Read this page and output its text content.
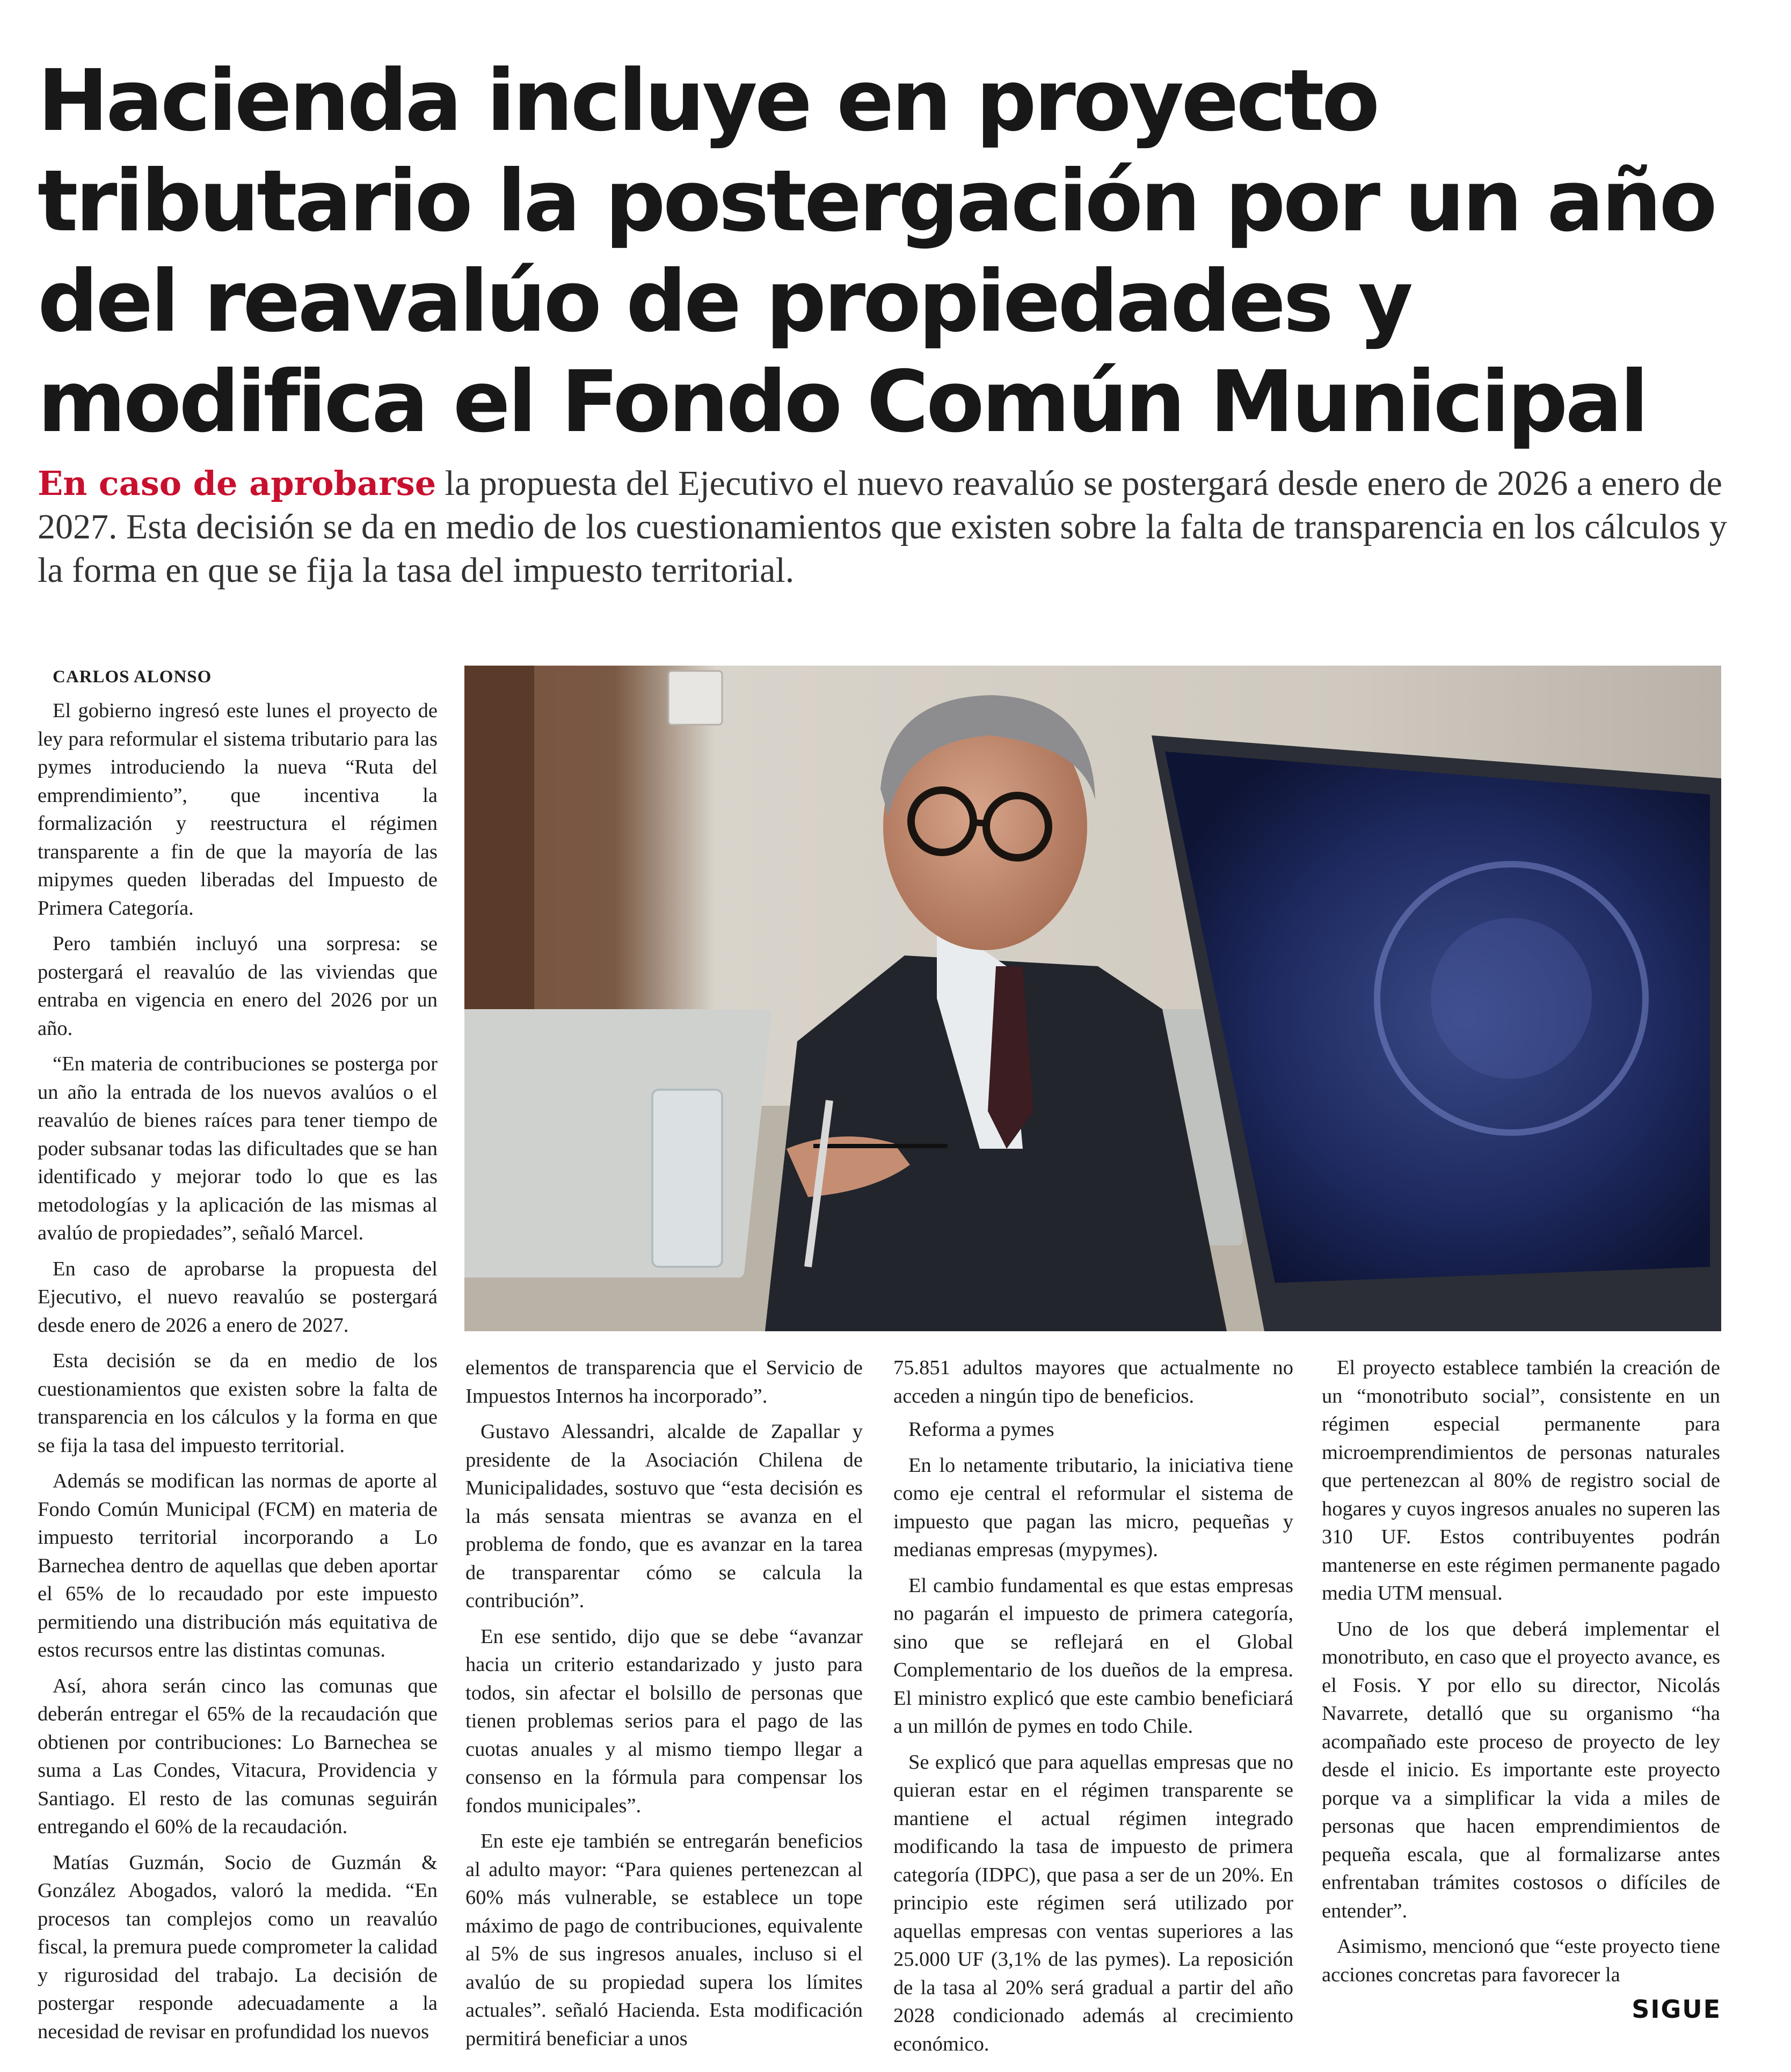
Hacienda incluye en proyecto tributario la postergación por un año del reavalúo de propiedades y modifica el Fondo Común Municipal

En caso de aprobarse la propuesta del Ejecutivo el nuevo reavalúo se postergará desde enero de 2026 a enero de 2027. Esta decisión se da en medio de los cuestionamientos que existen sobre la falta de transparencia en los cálculos y la forma en que se fija la tasa del impuesto territorial.

CARLOS ALONSO

El gobierno ingresó este lunes el proyecto de ley para reformular el sistema tributario para las pymes introduciendo la nueva “Ruta del emprendimiento”, que incentiva la formalización y reestructura el régimen transparente a fin de que la mayoría de las mipymes queden liberadas del Impuesto de Primera Categoría.

Pero también incluyó una sorpresa: se postergará el reavalúo de las viviendas que entraba en vigencia en enero del 2026 por un año.

“En materia de contribuciones se posterga por un año la entrada de los nuevos avalúos o el reavalúo de bienes raíces para tener tiempo de poder subsanar todas las dificultades que se han identificado y mejorar todo lo que es las metodologías y la aplicación de las mismas al avalúo de propiedades”, señaló Marcel.

En caso de aprobarse la propuesta del Ejecutivo, el nuevo reavalúo se postergará desde enero de 2026 a enero de 2027.

Esta decisión se da en medio de los cuestionamientos que existen sobre la falta de transparencia en los cálculos y la forma en que se fija la tasa del impuesto territorial.

Además se modifican las normas de aporte al Fondo Común Municipal (FCM) en materia de impuesto territorial incorporando a Lo Barnechea dentro de aquellas que deben aportar el 65% de lo recaudado por este impuesto permitiendo una distribución más equitativa de estos recursos entre las distintas comunas.

Así, ahora serán cinco las comunas que deberán entregar el 65% de la recaudación que obtienen por contribuciones: Lo Barnechea se suma a Las Condes, Vitacura, Providencia y Santiago. El resto de las comunas seguirán entregando el 60% de la recaudación.

Matías Guzmán, Socio de Guzmán & González Abogados, valoró la medida. “En procesos tan complejos como un reavalúo fiscal, la premura puede comprometer la calidad y rigurosidad del trabajo. La decisión de postergar responde adecuadamente a la necesidad de revisar en profundidad los nuevos

elementos de transparencia que el Servicio de Impuestos Internos ha incorporado”.

Gustavo Alessandri, alcalde de Zapallar y presidente de la Asociación Chilena de Municipalidades, sostuvo que “esta decisión es la más sensata mientras se avanza en el problema de fondo, que es avanzar en la tarea de transparentar cómo se calcula la contribución”.

En ese sentido, dijo que se debe “avanzar hacia un criterio estandarizado y justo para todos, sin afectar el bolsillo de personas que tienen problemas serios para el pago de las cuotas anuales y al mismo tiempo llegar a consenso en la fórmula para compensar los fondos municipales”.

En este eje también se entregarán beneficios al adulto mayor: “Para quienes pertenezcan al 60% más vulnerable, se establece un tope máximo de pago de contribuciones, equivalente al 5% de sus ingresos anuales, incluso si el avalúo de su propiedad supera los límites actuales”. señaló Hacienda. Esta modificación permitirá beneficiar a unos

75.851 adultos mayores que actualmente no acceden a ningún tipo de beneficios.

Reforma a pymes

En lo netamente tributario, la iniciativa tiene como eje central el reformular el sistema de impuesto que pagan las micro, pequeñas y medianas empresas (mypymes).

El cambio fundamental es que estas empresas no pagarán el impuesto de primera categoría, sino que se reflejará en el Global Complementario de los dueños de la empresa. El ministro explicó que este cambio beneficiará a un millón de pymes en todo Chile.

Se explicó que para aquellas empresas que no quieran estar en el régimen transparente se mantiene el actual régimen integrado modificando la tasa de impuesto de primera categoría (IDPC), que pasa a ser de un 20%. En principio este régimen será utilizado por aquellas empresas con ventas superiores a las 25.000 UF (3,1% de las pymes). La reposición de la tasa al 20% será gradual a partir del año 2028 condicionado además al crecimiento económico.

El proyecto establece también la creación de un “monotributo social”, consistente en un régimen especial permanente para microemprendimientos de personas naturales que pertenezcan al 80% de registro social de hogares y cuyos ingresos anuales no superen las 310 UF. Estos contribuyentes podrán mantenerse en este régimen permanente pagado media UTM mensual.

Uno de los que deberá implementar el monotributo, en caso que el proyecto avance, es el Fosis. Y por ello su director, Nicolás Navarrete, detalló que su organismo “ha acompañado este proceso de proyecto de ley desde el inicio. Es importante este proyecto porque va a simplificar la vida a miles de personas que hacen emprendimientos de pequeña escala, que al formalizarse antes enfrentaban trámites costosos o difíciles de entender”.

Asimismo, mencionó que “este proyecto tiene acciones concretas para favorecer la

SIGUE
